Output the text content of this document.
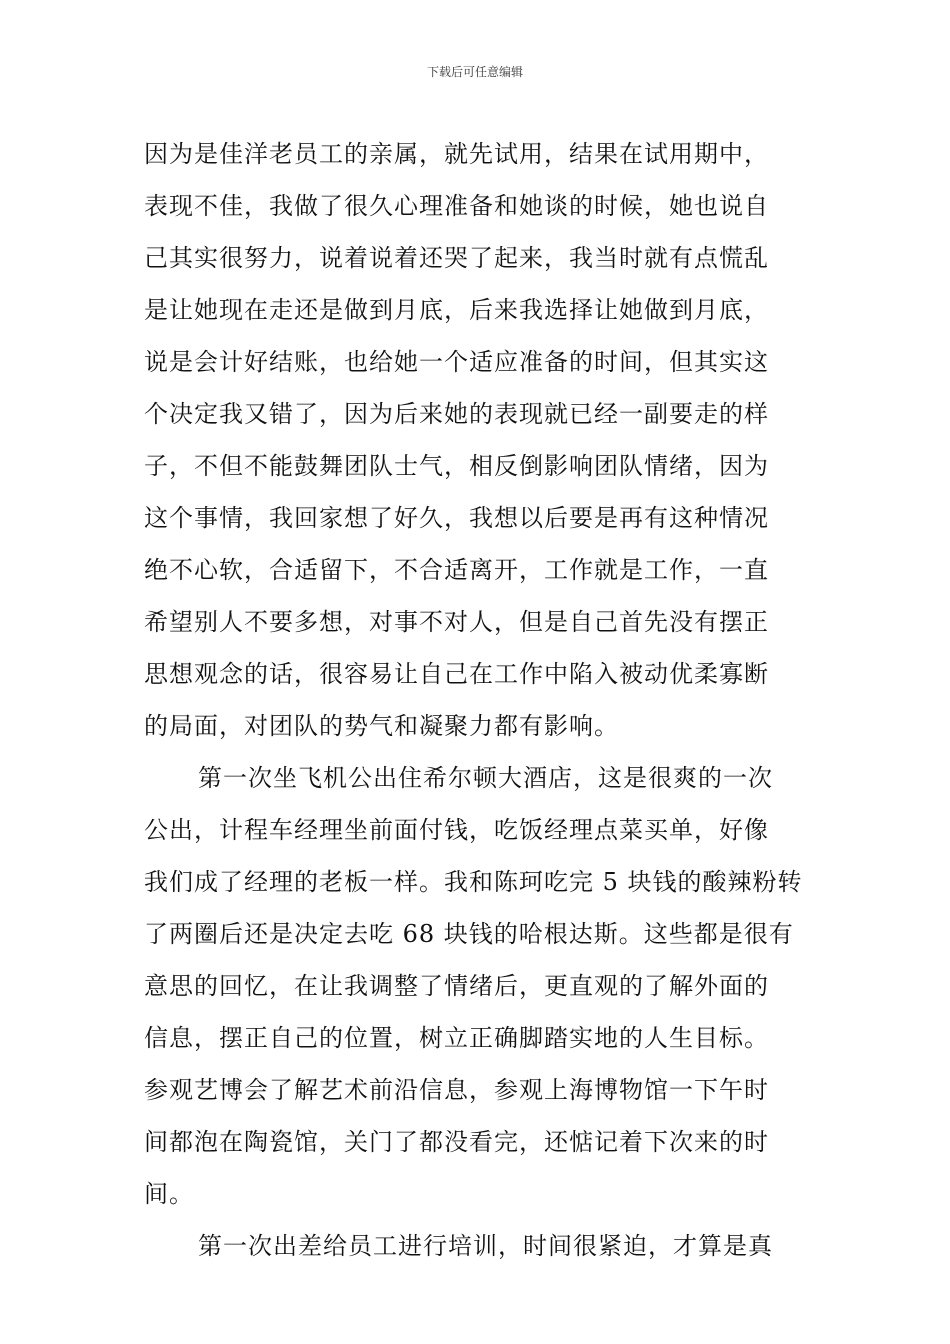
下载后可任意编辑
因为是佳洋老员工的亲属，就先试用，结果在试用期中，
表现不佳，我做了很久心理准备和她谈的时候，她也说自
己其实很努力，说着说着还哭了起来，我当时就有点慌乱
是让她现在走还是做到月底，后来我选择让她做到月底，
说是会计好结账，也给她一个适应准备的时间，但其实这
个决定我又错了，因为后来她的表现就已经一副要走的样
子，不但不能鼓舞团队士气，相反倒影响团队情绪，因为
这个事情，我回家想了好久，我想以后要是再有这种情况
绝不心软，合适留下，不合适离开，工作就是工作，一直
希望别人不要多想，对事不对人，但是自己首先没有摆正
思想观念的话，很容易让自己在工作中陷入被动优柔寡断
的局面，对团队的势气和凝聚力都有影响。
第一次坐飞机公出住希尔顿大酒店，这是很爽的一次
公出，计程车经理坐前面付钱，吃饭经理点菜买单，好像
我们成了经理的老板一样。我和陈珂吃完 5 块钱的酸辣粉转
了两圈后还是决定去吃 68 块钱的哈根达斯。这些都是很有
意思的回忆，在让我调整了情绪后，更直观的了解外面的
信息，摆正自己的位置，树立正确脚踏实地的人生目标。
参观艺博会了解艺术前沿信息，参观上海博物馆一下午时
间都泡在陶瓷馆，关门了都没看完，还惦记着下次来的时
间。
第一次出差给员工进行培训，时间很紧迫，才算是真
